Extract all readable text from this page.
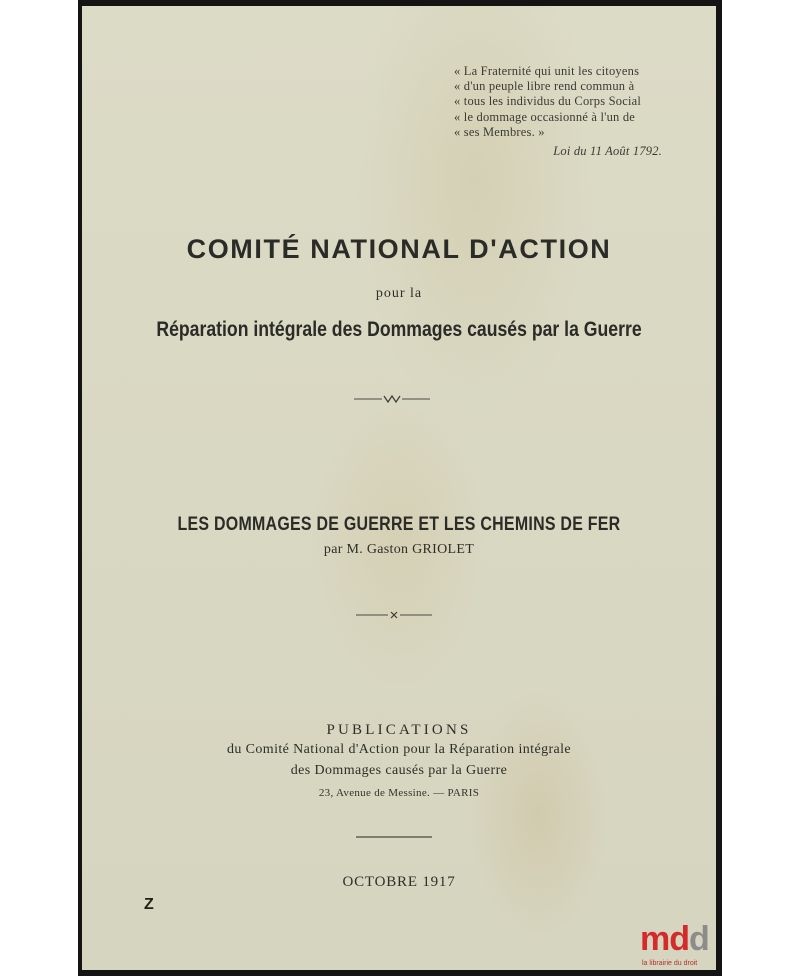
« La Fraternité qui unit les citoyens
« d'un peuple libre rend commun à
« tous les individus du Corps Social
« le dommage occasionné à l'un de
« ses Membres. »
Loi du 11 Août 1792.
COMITÉ NATIONAL D'ACTION
pour la
Réparation intégrale des Dommages causés par la Guerre
LES DOMMAGES DE GUERRE ET LES CHEMINS DE FER
par M. Gaston GRIOLET
PUBLICATIONS
du Comité National d'Action pour la Réparation intégrale
des Dommages causés par la Guerre
23, Avenue de Messine. — PARIS
OCTOBRE 1917
Z
mdd
la librairie du droit
